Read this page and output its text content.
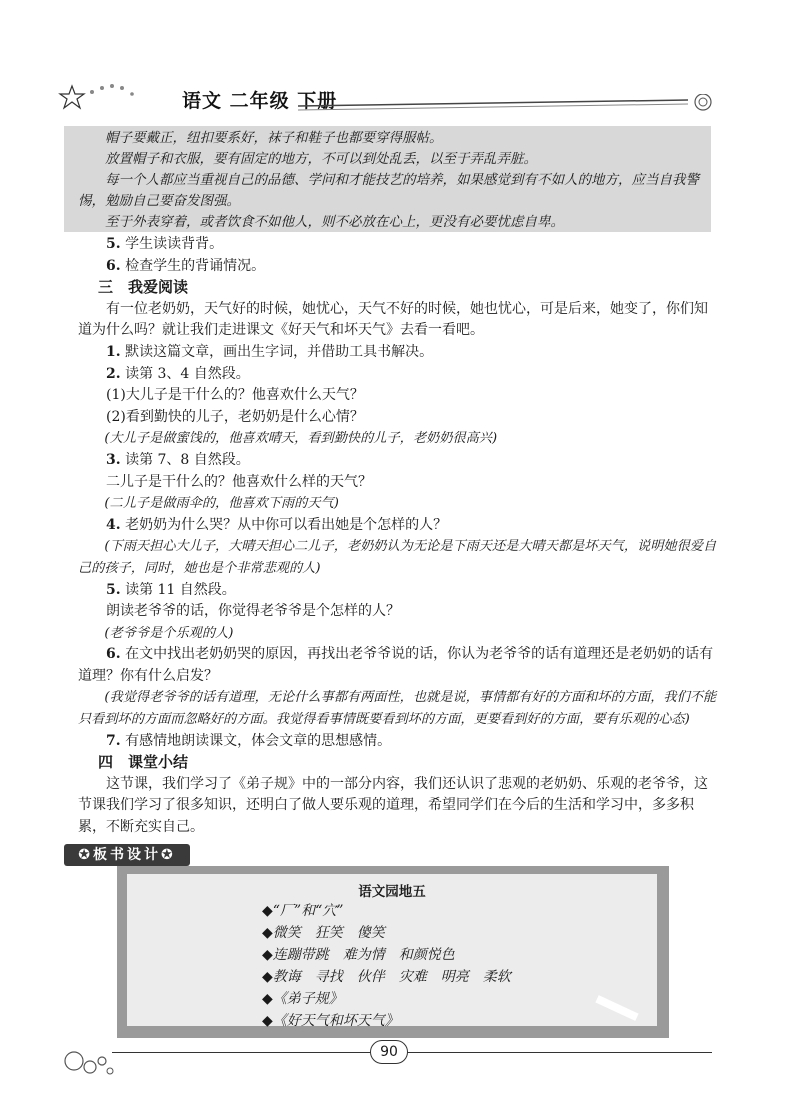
语文 二年级 下册

帽子要戴正，纽扣要系好，袜子和鞋子也都要穿得服帖。

放置帽子和衣服，要有固定的地方，不可以到处乱丢，以至于弄乱弄脏。

每一个人都应当重视自己的品德、学问和才能技艺的培养，如果感觉到有不如人的地方，应当自我警惕，勉励自己要奋发图强。

至于外表穿着，或者饮食不如他人，则不必放在心上，更没有必要忧虑自卑。

5. 学生读读背背。

6. 检查学生的背诵情况。

三　我爱阅读

有一位老奶奶，天气好的时候，她忧心，天气不好的时候，她也忧心，可是后来，她变了，你们知道为什么吗？就让我们走进课文《好天气和坏天气》去看一看吧。

1. 默读这篇文章，画出生字词，并借助工具书解决。

2. 读第 3、4 自然段。

(1)大儿子是干什么的？他喜欢什么天气？

(2)看到勤快的儿子，老奶奶是什么心情？

(大儿子是做蜜饯的，他喜欢晴天，看到勤快的儿子，老奶奶很高兴)

3. 读第 7、8 自然段。

二儿子是干什么的？他喜欢什么样的天气？

(二儿子是做雨伞的，他喜欢下雨的天气)

4. 老奶奶为什么哭？从中你可以看出她是个怎样的人？

(下雨天担心大儿子，大晴天担心二儿子，老奶奶认为无论是下雨天还是大晴天都是坏天气，说明她很爱自己的孩子，同时，她也是个非常悲观的人)

5. 读第 11 自然段。

朗读老爷爷的话，你觉得老爷爷是个怎样的人？

(老爷爷是个乐观的人)

6. 在文中找出老奶奶哭的原因，再找出老爷爷说的话，你认为老爷爷的话有道理还是老奶奶的话有道理？你有什么启发？

(我觉得老爷爷的话有道理，无论什么事都有两面性，也就是说，事情都有好的方面和坏的方面，我们不能只看到坏的方面而忽略好的方面。我觉得看事情既要看到坏的方面，更要看到好的方面，要有乐观的心态)

7. 有感情地朗读课文，体会文章的思想感情。

四　课堂小结

这节课，我们学习了《弟子规》中的一部分内容，我们还认识了悲观的老奶奶、乐观的老爷爷，这节课我们学习了很多知识，还明白了做人要乐观的道理，希望同学们在今后的生活和学习中，多多积累，不断充实自己。

✪板书设计✪
语文园地五
◆“厂”和“穴”
◆微笑　狂笑　傻笑
◆连蹦带跳　难为情　和颜悦色
◆教诲　寻找　伙伴　灾难　明亮　柔软
◆《弟子规》
◆《好天气和坏天气》
90
